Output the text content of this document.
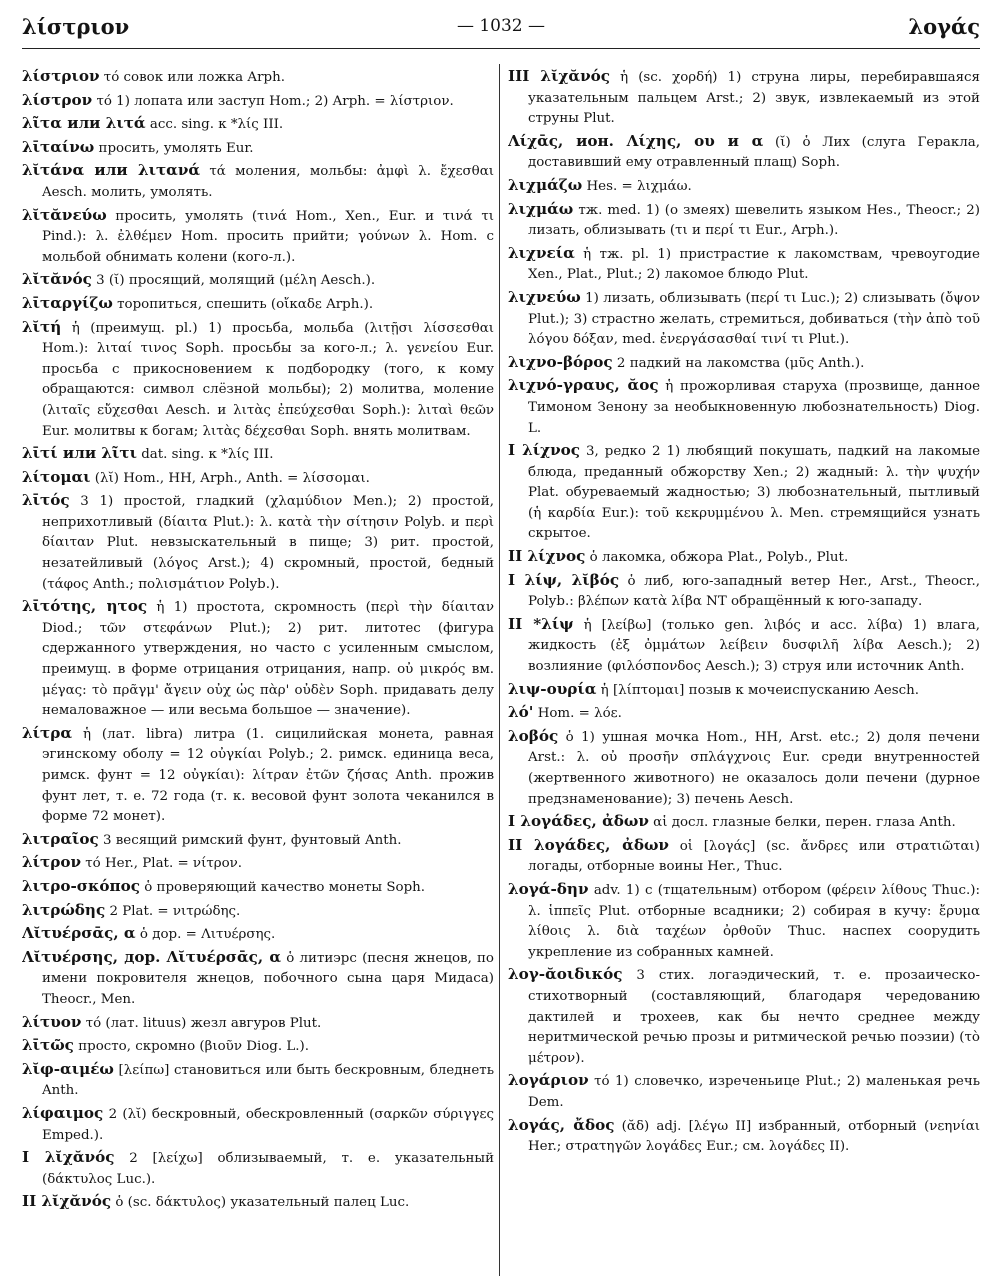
λίστριον	— 1032 —	λογάς

λίστριον τό совок или ложка Arph.

λίστρον τό 1) лопата или заступ Hom.; 2) Arph. = λίστριον.

λῖτα или λιτά acc. sing. к *λίς III.

λῑταίνω просить, умолять Eur.

λῐτάνα или λιτανά τά моления, мольбы: ἀμφὶ λ. ἔχεσθαι Aesch. молить, умолять.

λῐτᾰνεύω просить, умолять (τινά Hom., Xen., Eur. и τινά τι Pind.): λ. ἐλθέμεν Hom. просить прийти; γούνων λ. Hom. с мольбой обнимать колени (кого-л.).

λῐτᾰνός 3 (ῐ) просящий, молящий (μέλη Aesch.).

λῑταργίζω торопиться, спешить (οἴκαδε Arph.).

λῐτή ἡ (преимущ. pl.) 1) просьба, мольба (λιτῇσι λίσσεσθαι Hom.): λιταί τινος Soph. просьбы за кого-л.; λ. γενείου Eur. просьба с прикосновением к подбородку (того, к кому обращаются: символ слёзной мольбы); 2) молитва, моление (λιταῖς εὔχεσθαι Aesch. и λιτὰς ἐπεύχεσθαι Soph.): λιταὶ θεῶν Eur. молитвы к богам; λιτὰς δέχεσθαι Soph. внять молитвам.

λῑτί или λῖτι dat. sing. к *λίς III.

λίτομαι (λῐ) Hom., HH, Arph., Anth. = λίσσομαι.

λῑτός 3 1) простой, гладкий (χλαμύδιον Men.); 2) простой, неприхотливый (δίαιτα Plut.): λ. κατὰ τὴν σίτησιν Polyb. и περὶ δίαιταν Plut. невзыскательный в пище; 3) рит. простой, незатейливый (λόγος Arst.); 4) скромный, простой, бедный (τάφος Anth.; πολισμάτιον Polyb.).

λῑτότης, ητος ἡ 1) простота, скромность (περὶ τὴν δίαιταν Diod.; τῶν στεφάνων Plut.); 2) рит. литотес (фигура сдержанного утверждения, но часто с усиленным смыслом, преимущ. в форме отрицания отрицания, напр. οὐ μικρός вм. μέγας: τὸ πρᾶγμ' ἄγειν οὐχ ὡς πὰρ' οὐδὲν Soph. придавать делу немаловажное — или весьма большое — значение).

λίτρα ἡ (лат. libra) литра (1. сицилийская монета, равная эгинскому оболу = 12 οὐγκίαι Polyb.; 2. римск. единица веса, римск. фунт = 12 οὐγκίαι): λίτραν ἐτῶν ζήσας Anth. прожив фунт лет, т. е. 72 года (т. к. весовой фунт золота чеканился в форме 72 монет).

λιτραῖος 3 весящий римский фунт, фунтовый Anth.

λίτρον τό Her., Plat. = νίτρον.

λιτρο-σκόπος ὁ проверяющий качество монеты Soph.

λιτρώδης 2 Plat. = νιτρώδης.

Λῐτυέρσᾱς, α ὁ дор. = Λιτυέρσης.

Λῐτυέρσης, дор. Λῐτυέρσᾱς, α ὁ литиэрс (песня жнецов, по имени покровителя жнецов, побочного сына царя Мидаса) Theocr., Men.

λίτυον τό (лат. lituus) жезл авгуров Plut.

λῑτῶς просто, скромно (βιοῦν Diog. L.).

λῐφ-αιμέω [λείπω] становиться или быть бескровным, бледнеть Anth.

λίφαιμος 2 (λῐ) бескровный, обескровленный (σαρκῶν σύριγγες Emped.).

I λῐχᾰνός 2 [λείχω] облизываемый, т. е. указательный (δάκτυλος Luc.).

II λῐχᾰνός ὁ (sc. δάκτυλος) указательный палец Luc.

III λῐχᾰνός ἡ (sc. χορδή) 1) струна лиры, перебиравшаяся указательным пальцем Arst.; 2) звук, извлекаемый из этой струны Plut.

Λίχᾱς, ион. Λίχης, ου и α (ῐ) ὁ Лих (слуга Геракла, доставивший ему отравленный плащ) Soph.

λιχμάζω Hes. = λιχμάω.

λιχμάω тж. med. 1) (о змеях) шевелить языком Hes., Theocr.; 2) лизать, облизывать (τι и περί τι Eur., Arph.).

λιχνεία ἡ тж. pl. 1) пристрастие к лакомствам, чревоугодие Xen., Plat., Plut.; 2) лакомое блюдо Plut.

λιχνεύω 1) лизать, облизывать (περί τι Luc.); 2) слизывать (ὄψον Plut.); 3) страстно желать, стремиться, добиваться (τὴν ἀπὸ τοῦ λόγου δόξαν, med. ἐνεργάσασθαί τινί τι Plut.).

λιχνο-βόρος 2 падкий на лакомства (μῦς Anth.).

λιχνό-γραυς, ᾰος ἡ прожорливая старуха (прозвище, данное Тимоном Зенону за необыкновенную любознательность) Diog. L.

I λίχνος 3, редко 2 1) любящий покушать, падкий на лакомые блюда, преданный обжорству Xen.; 2) жадный: λ. τὴν ψυχήν Plat. обуреваемый жадностью; 3) любознательный, пытливый (ἡ καρδία Eur.): τοῦ κεκρυμμένου λ. Men. стремящийся узнать скрытое.

II λίχνος ὁ лакомка, обжора Plat., Polyb., Plut.

I λίψ, λῐβός ὁ либ, юго-западный ветер Her., Arst., Theocr., Polyb.: βλέπων κατὰ λίβα NT обращённый к юго-западу.

II *λίψ ἡ [λείβω] (только gen. λιβός и acc. λίβα) 1) влага, жидкость (ἐξ ὀμμάτων λείβειν δυσφιλῆ λίβα Aesch.); 2) возлияние (φιλόσπονδος Aesch.); 3) струя или источник Anth.

λιψ-ουρία ἡ [λίπτομαι] позыв к мочеиспусканию Aesch.

λό' Hom. = λόε.

λοβός ὁ 1) ушная мочка Hom., HH, Arst. etc.; 2) доля печени Arst.: λ. οὐ προσῆν σπλάγχνοις Eur. среди внутренностей (жертвенного животного) не оказалось доли печени (дурное предзнаменование); 3) печень Aesch.

I λογάδες, ἀδων αἱ досл. глазные белки, перен. глаза Anth.

II λογάδες, ἀδων οἱ [λογάς] (sc. ἄνδρες или στρατιῶται) логады, отборные воины Her., Thuc.

λογά-δην adv. 1) с (тщательным) отбором (φέρειν λίθους Thuc.): λ. ἱππεῖς Plut. отборные всадники; 2) собирая в кучу: ἔρυμα λίθοις λ. διὰ ταχέων ὀρθοῦν Thuc. наспех соорудить укрепление из собранных камней.

λογ-ᾰοιδικός 3 стих. логаэдический, т. е. прозаическо-стихотворный (составляющий, благодаря чередованию дактилей и трохеев, как бы нечто среднее между неритмической речью прозы и ритмической речью поэзии) (τὸ μέτρον).

λογάριον τό 1) словечко, изреченьице Plut.; 2) маленькая речь Dem.

λογάς, ἄδος (ᾰδ) adj. [λέγω II] избранный, отборный (νεηνίαι Her.; στρατηγῶν λογάδες Eur.; см. λογάδες II).
